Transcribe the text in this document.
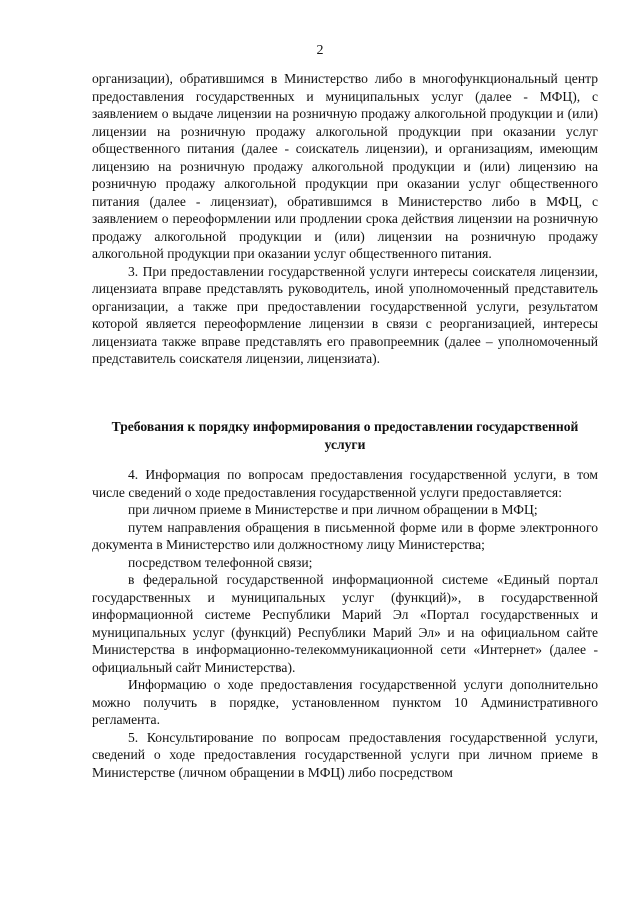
2

организации), обратившимся в Министерство либо в многофункциональный центр предоставления государственных и муниципальных услуг (далее - МФЦ), с заявлением о выдаче лицензии на розничную продажу алкогольной продукции и (или) лицензии на розничную продажу алкогольной продукции при оказании услуг общественного питания (далее - соискатель лицензии), и организациям, имеющим лицензию на розничную продажу алкогольной продукции и (или) лицензию на розничную продажу алкогольной продукции при оказании услуг общественного питания (далее - лицензиат), обратившимся в Министерство либо в МФЦ, с заявлением о переоформлении или продлении срока действия лицензии на розничную продажу алкогольной продукции и (или) лицензии на розничную продажу алкогольной продукции при оказании услуг общественного питания.

3. При предоставлении государственной услуги интересы соискателя лицензии, лицензиата вправе представлять руководитель, иной уполномоченный представитель организации, а также при предоставлении государственной услуги, результатом которой является переоформление лицензии в связи с реорганизацией, интересы лицензиата также вправе представлять его правопреемник (далее – уполномоченный представитель соискателя лицензии, лицензиата).

Требования к порядку информирования о предоставлении государственной услуги

4. Информация по вопросам предоставления государственной услуги, в том числе сведений о ходе предоставления государственной услуги предоставляется:

при личном приеме в Министерстве и при личном обращении в МФЦ;

путем направления обращения в письменной форме или в форме электронного документа в Министерство или должностному лицу Министерства;

посредством телефонной связи;

в федеральной государственной информационной системе «Единый портал государственных и муниципальных услуг (функций)», в государственной информационной системе Республики Марий Эл «Портал государственных и муниципальных услуг (функций) Республики Марий Эл» и на официальном сайте Министерства в информационно-телекоммуникационной сети «Интернет» (далее - официальный сайт Министерства).

Информацию о ходе предоставления государственной услуги дополнительно можно получить в порядке, установленном пунктом 10 Административного регламента.

5. Консультирование по вопросам предоставления государственной услуги, сведений о ходе предоставления государственной услуги при личном приеме в Министерстве (личном обращении в МФЦ) либо посредством
